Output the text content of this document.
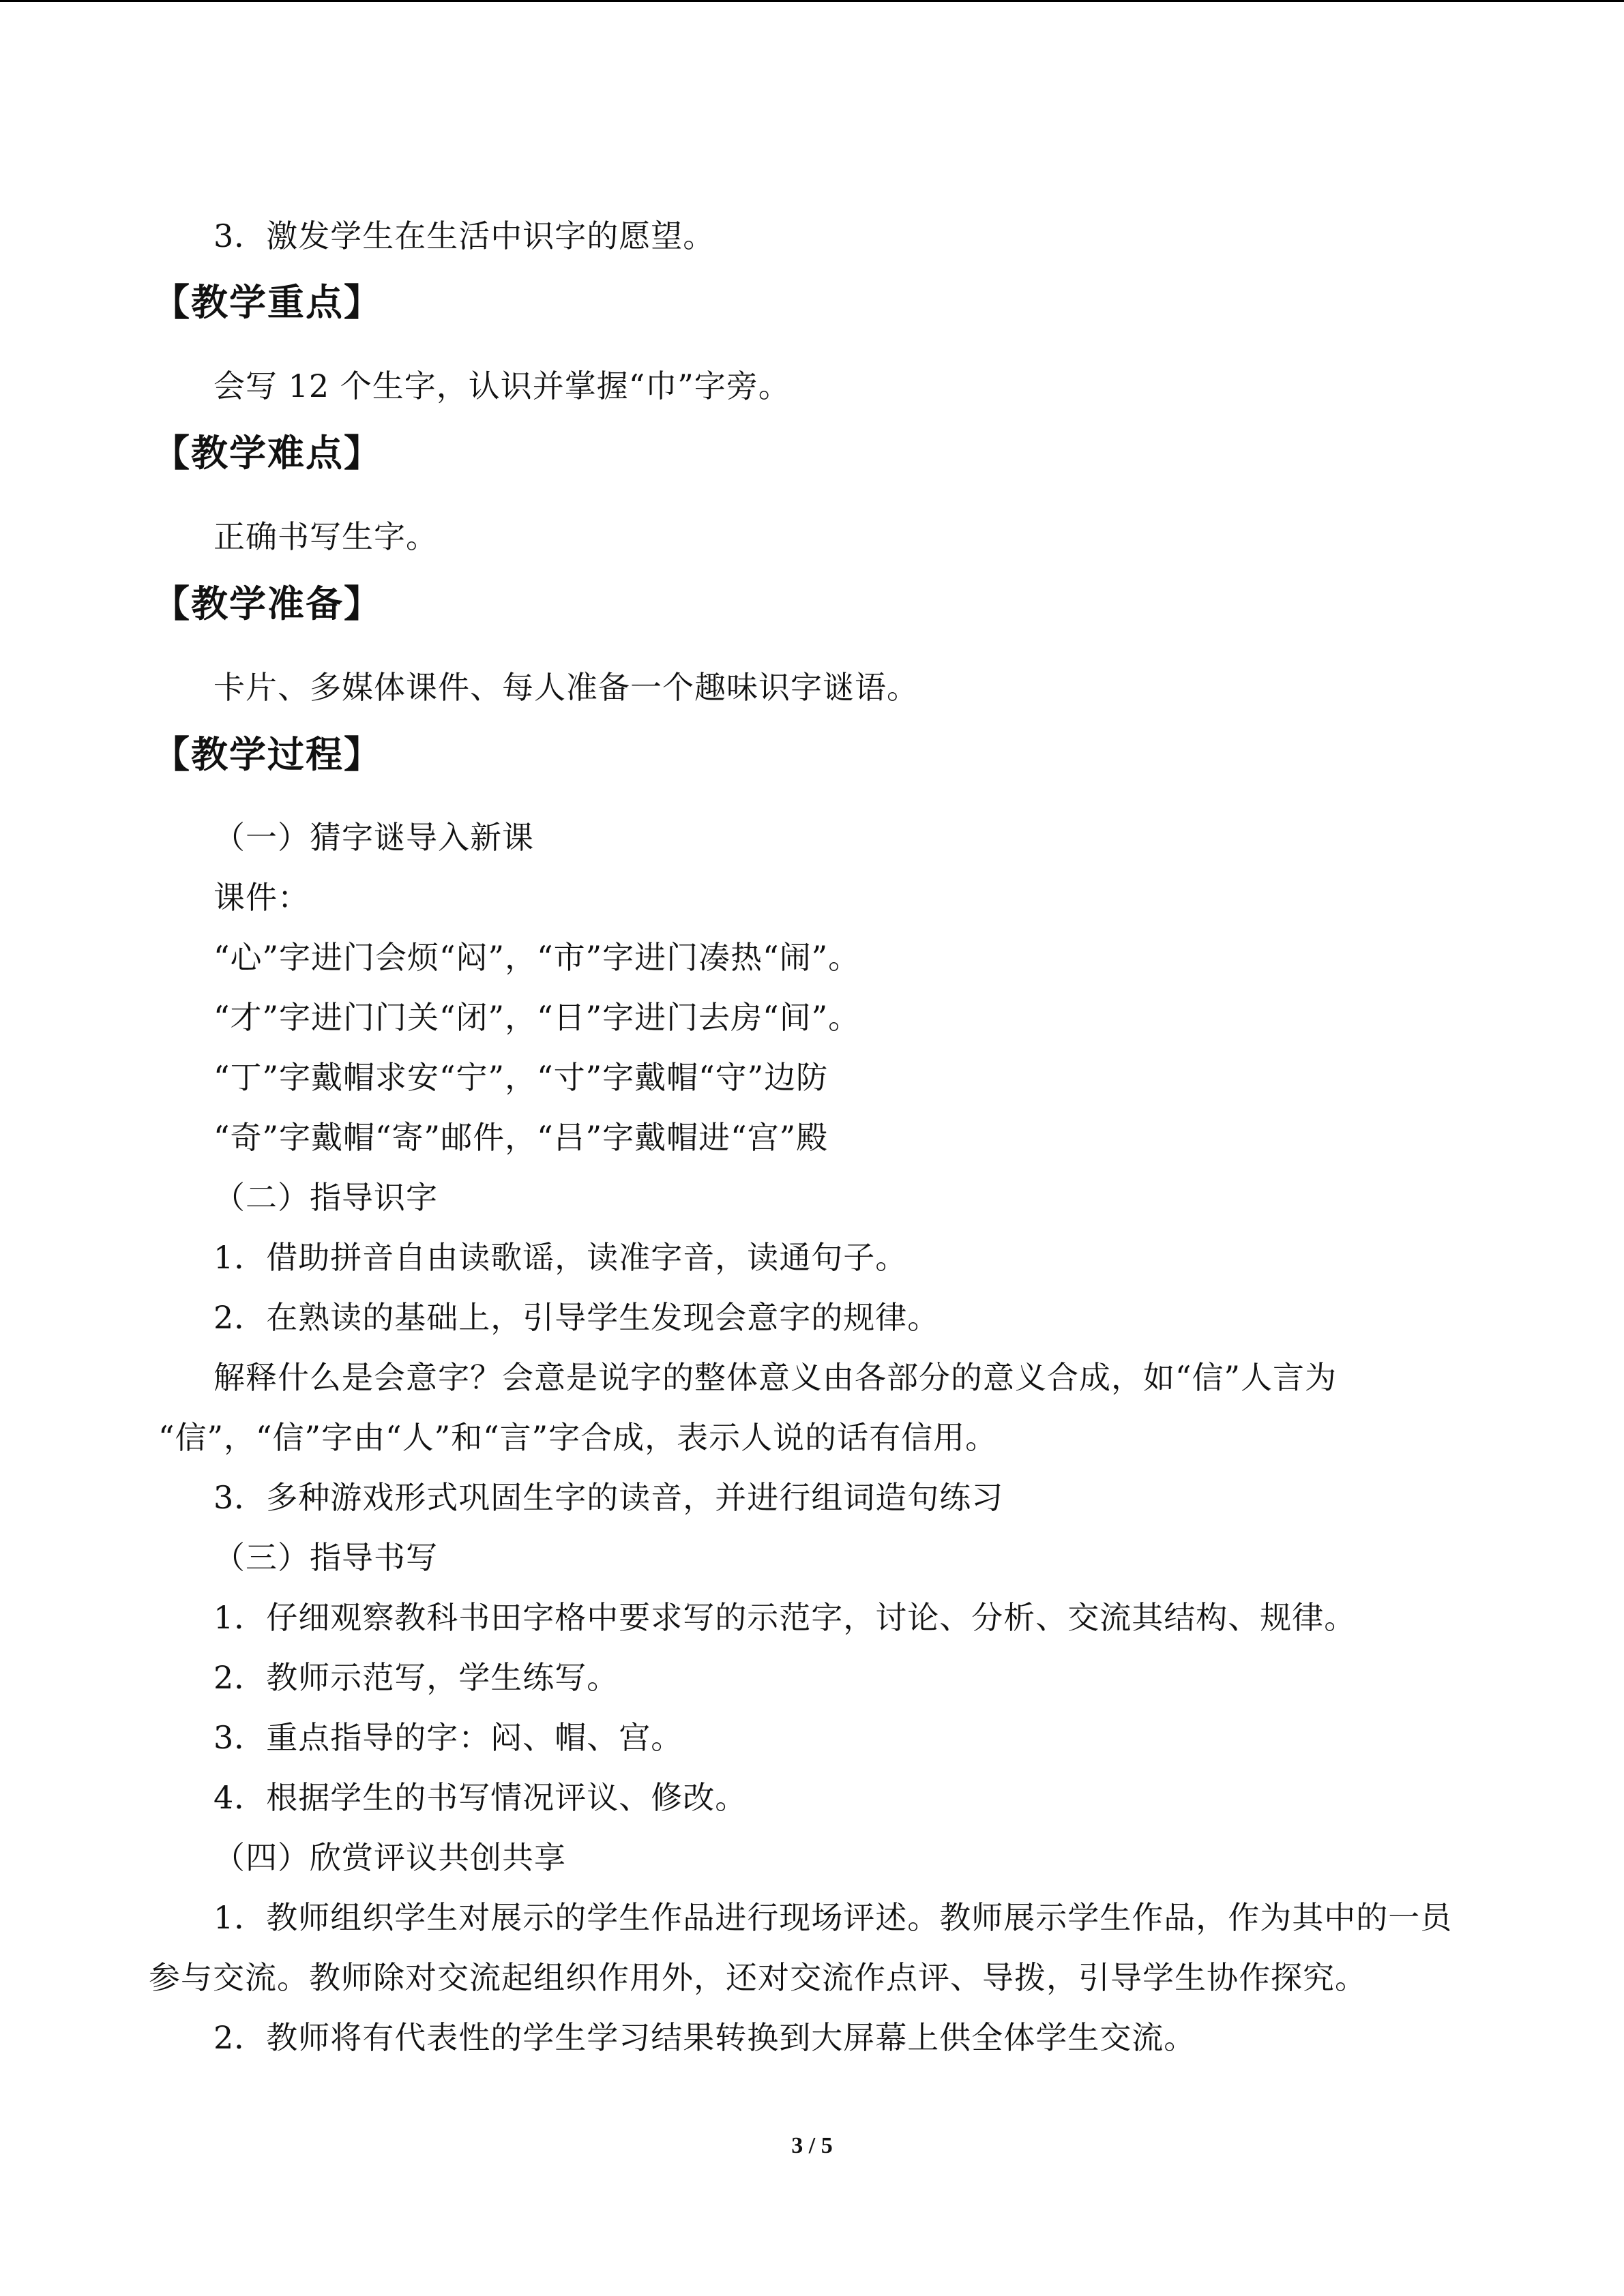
3．激发学生在生活中识字的愿望。
【教学重点】
会写 12 个生字，认识并掌握“巾”字旁。
【教学难点】
正确书写生字。
【教学准备】
卡片、多媒体课件、每人准备一个趣味识字谜语。
【教学过程】
（一）猜字谜导入新课
课件：
“心”字进门会烦“闷”，“市”字进门凑热“闹”。
“才”字进门门关“闭”，“日”字进门去房“间”。
“丁”字戴帽求安“宁”，“寸”字戴帽“守”边防
“奇”字戴帽“寄”邮件，“吕”字戴帽进“宫”殿
（二）指导识字
1．借助拼音自由读歌谣，读准字音，读通句子。
2．在熟读的基础上，引导学生发现会意字的规律。
解释什么是会意字？会意是说字的整体意义由各部分的意义合成，如“信”人言为
“信”，“信”字由“人”和“言”字合成，表示人说的话有信用。
3．多种游戏形式巩固生字的读音，并进行组词造句练习
（三）指导书写
1．仔细观察教科书田字格中要求写的示范字，讨论、分析、交流其结构、规律。
2．教师示范写，学生练写。
3．重点指导的字：闷、帽、宫。
4．根据学生的书写情况评议、修改。
（四）欣赏评议共创共享
1．教师组织学生对展示的学生作品进行现场评述。教师展示学生作品，作为其中的一员
参与交流。教师除对交流起组织作用外，还对交流作点评、导拨，引导学生协作探究。
2．教师将有代表性的学生学习结果转换到大屏幕上供全体学生交流。
3 / 5
